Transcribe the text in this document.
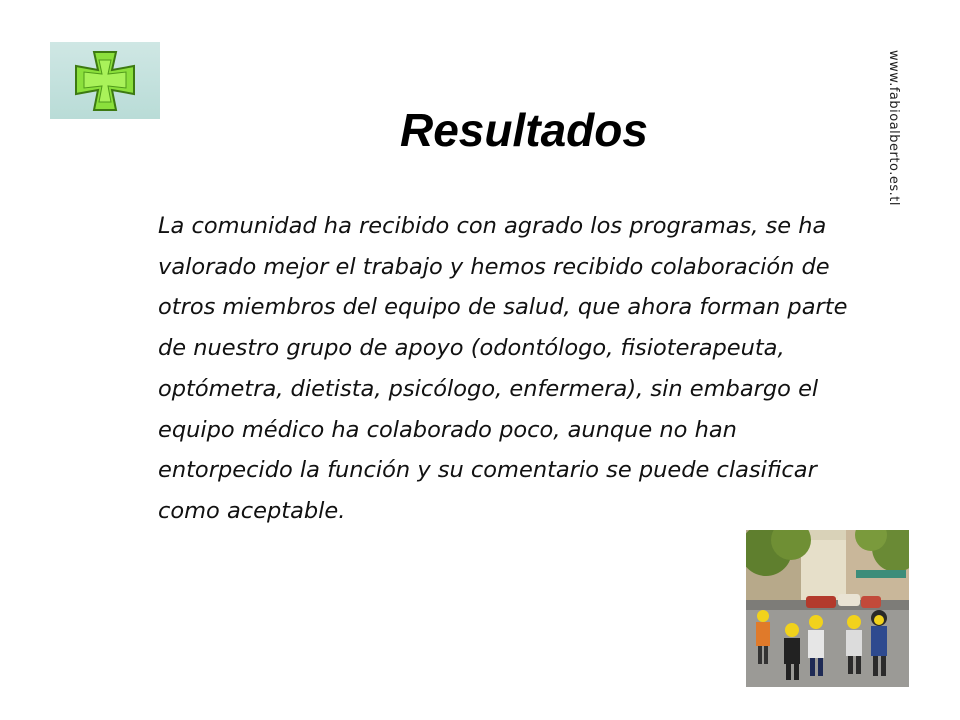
Resultados	www.fabioalberto.es.tl
La comunidad ha recibido con agrado los programas, se ha valorado mejor el trabajo y hemos recibido colaboración de otros miembros del equipo de salud, que ahora forman parte de nuestro grupo de apoyo (odontólogo, fisioterapeuta, optómetra, dietista, psicólogo, enfermera), sin embargo el equipo médico ha colaborado poco, aunque no han entorpecido la función y su comentario se puede clasificar como aceptable.
